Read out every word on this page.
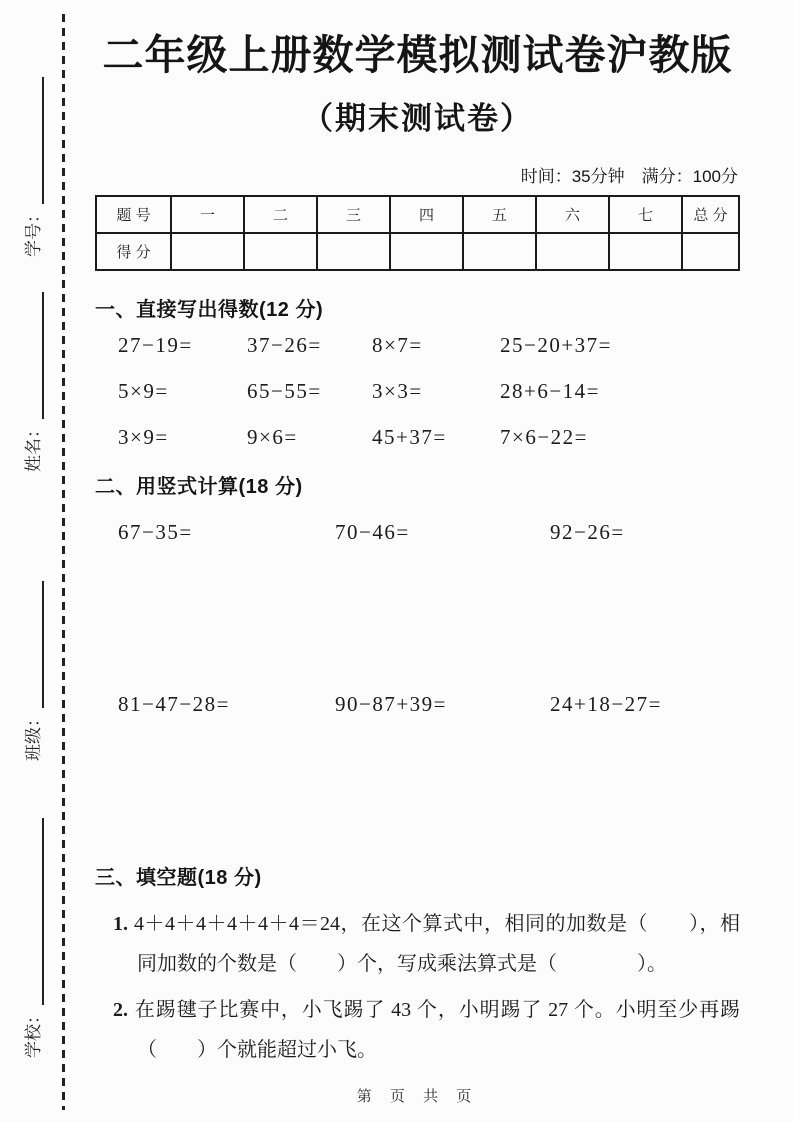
学号：
姓名：
班级：
学校：
二年级上册数学模拟测试卷沪教版
（期末测试卷）
时间：35分钟　满分：100分
题 号	一	二	三	四	五	六	七	总 分
得 分								
一、直接写出得数(12 分)
27−19=	37−26=	8×7=	25−20+37=
5×9=	65−55=	3×3=	28+6−14=
3×9=	9×6=	45+37=	7×6−22=
二、用竖式计算(18 分)
67−35=	70−46=	92−26=
81−47−28=	90−87+39=	24+18−27=
三、填空题(18 分)
1. 4＋4＋4＋4＋4＋4＝24，在这个算式中，相同的加数是（　　），相同加数的个数是（　　）个，写成乘法算式是（　　　　）。
2. 在踢毽子比赛中，小飞踢了 43 个，小明踢了 27 个。小明至少再踢（　　）个就能超过小飞。
第 页 共 页
